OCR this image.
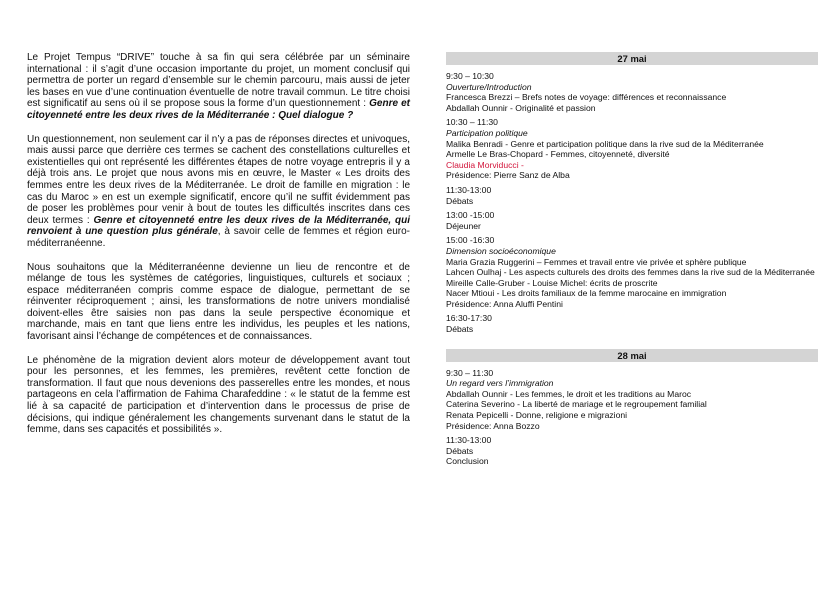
Le Projet Tempus “DRIVE” touche à sa fin qui sera célébrée par un séminaire international : il s’agit d’une occasion importante du projet, un moment conclusif qui permettra de porter un regard d’ensemble sur le chemin parcouru, mais aussi de jeter les bases en vue d’une continuation éventuelle de notre travail commun. Le titre choisi est significatif au sens où il se propose sous la forme d’un questionnement : Genre et citoyenneté entre les deux rives de la Méditerranée : Quel dialogue ?

Un questionnement, non seulement car il n’y a pas de réponses directes et univoques, mais aussi parce que derrière ces termes se cachent des constellations culturelles et existentielles qui ont représenté les différentes étapes de notre voyage entrepris il y a déjà trois ans. Le projet que nous avons mis en œuvre, le Master « Les droits des femmes entre les deux rives de la Méditerranée. Le droit de famille en migration : le cas du Maroc » en est un exemple significatif, encore qu’il ne suffit évidemment pas de poser les problèmes pour venir à bout de toutes les difficultés inscrites dans ces deux termes : Genre et citoyenneté entre les deux rives de la Méditerranée, qui renvoient à une question plus générale, à savoir celle de femmes et région euro-méditerranéenne.

Nous souhaitons que la Méditerranéenne devienne un lieu de rencontre et de mélange de tous les systèmes de catégories, linguistiques, culturels et sociaux ; espace méditerranéen compris comme espace de dialogue, permettant de se réinventer réciproquement ; ainsi, les transformations de notre univers mondialisé doivent-elles être saisies non pas dans la seule perspective économique et marchande, mais en tant que liens entre les individus, les peuples et les nations, favorisant ainsi l’échange de compétences et de connaissances.

Le phénomène de la migration devient alors moteur de développement avant tout pour les personnes, et les femmes, les premières, revêtent cette fonction de transformation. Il faut que nous devenions des passerelles entre les mondes, et nous partageons en cela l’affirmation de Fahima Charafeddine : « le statut de la femme est lié à sa capacité de participation et d’intervention dans le processus de prise de décisions, qui indique généralement les changements survenant dans le statut de la femme, dans ses capacités et possibilités ».

27 mai
9:30 – 10:30
Ouverture/Introduction
Francesca Brezzi – Brefs notes de voyage: différences et reconnaissance
Abdallah Ounnir - Originalité et passion
10:30 – 11:30
Participation politique
Malika Benradi - Genre et participation politique dans la rive sud de la Méditerranée
Armelle Le Bras-Chopard - Femmes, citoyenneté, diversité
Claudia Morviducci -
Présidence: Pierre Sanz de Alba
11:30-13:00
Débats
13:00 -15:00
Déjeuner
15:00 -16:30
Dimension socioéconomique
Maria Grazia Ruggerini – Femmes et travail entre vie privée et sphère publique
Lahcen Oulhaj - Les aspects culturels des droits des femmes dans la rive sud de la Méditerranée
Mireille Calle-Gruber - Louise Michel: écrits de proscrite
Nacer Mtioui - Les droits familiaux de la femme marocaine en immigration
Présidence: Anna Aluffi Pentini
16:30-17:30
Débats
28 mai
9:30 – 11:30
Un regard vers l’immigration
Abdallah Ounnir - Les femmes, le droit et les traditions au Maroc
Caterina Severino - La liberté de mariage et le regroupement familial
Renata Pepicelli - Donne, religione e migrazioni
Présidence: Anna Bozzo
11:30-13:00
Débats
Conclusion
